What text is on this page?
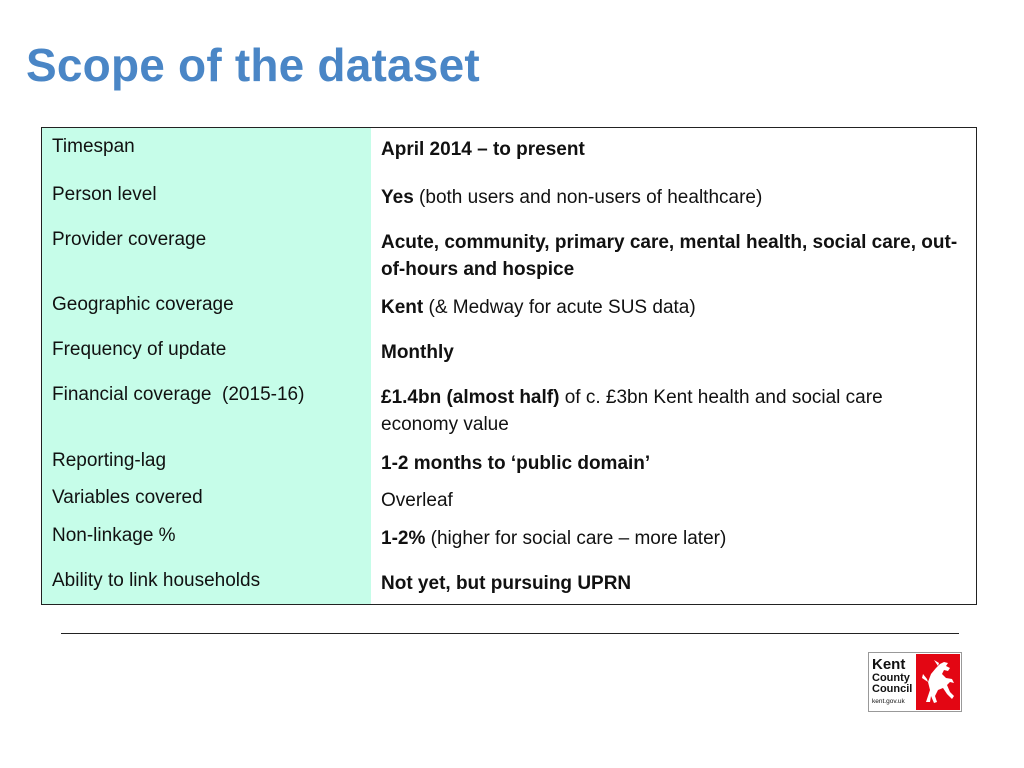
Scope of the dataset
Timespan	April 2014 – to present
Person level	Yes (both users and non-users of healthcare)
Provider coverage	Acute, community, primary care, mental health, social care, out-of-hours and hospice
Geographic coverage	Kent (& Medway for acute SUS data)
Frequency of update	Monthly
Financial coverage  (2015-16)	£1.4bn (almost half) of c. £3bn Kent health and social care economy value
Reporting-lag	1-2 months to ‘public domain’
Variables covered	Overleaf
Non-linkage %	1-2% (higher for social care – more later)
Ability to link households	Not yet, but pursuing UPRN
Kent
County
Council
kent.gov.uk
